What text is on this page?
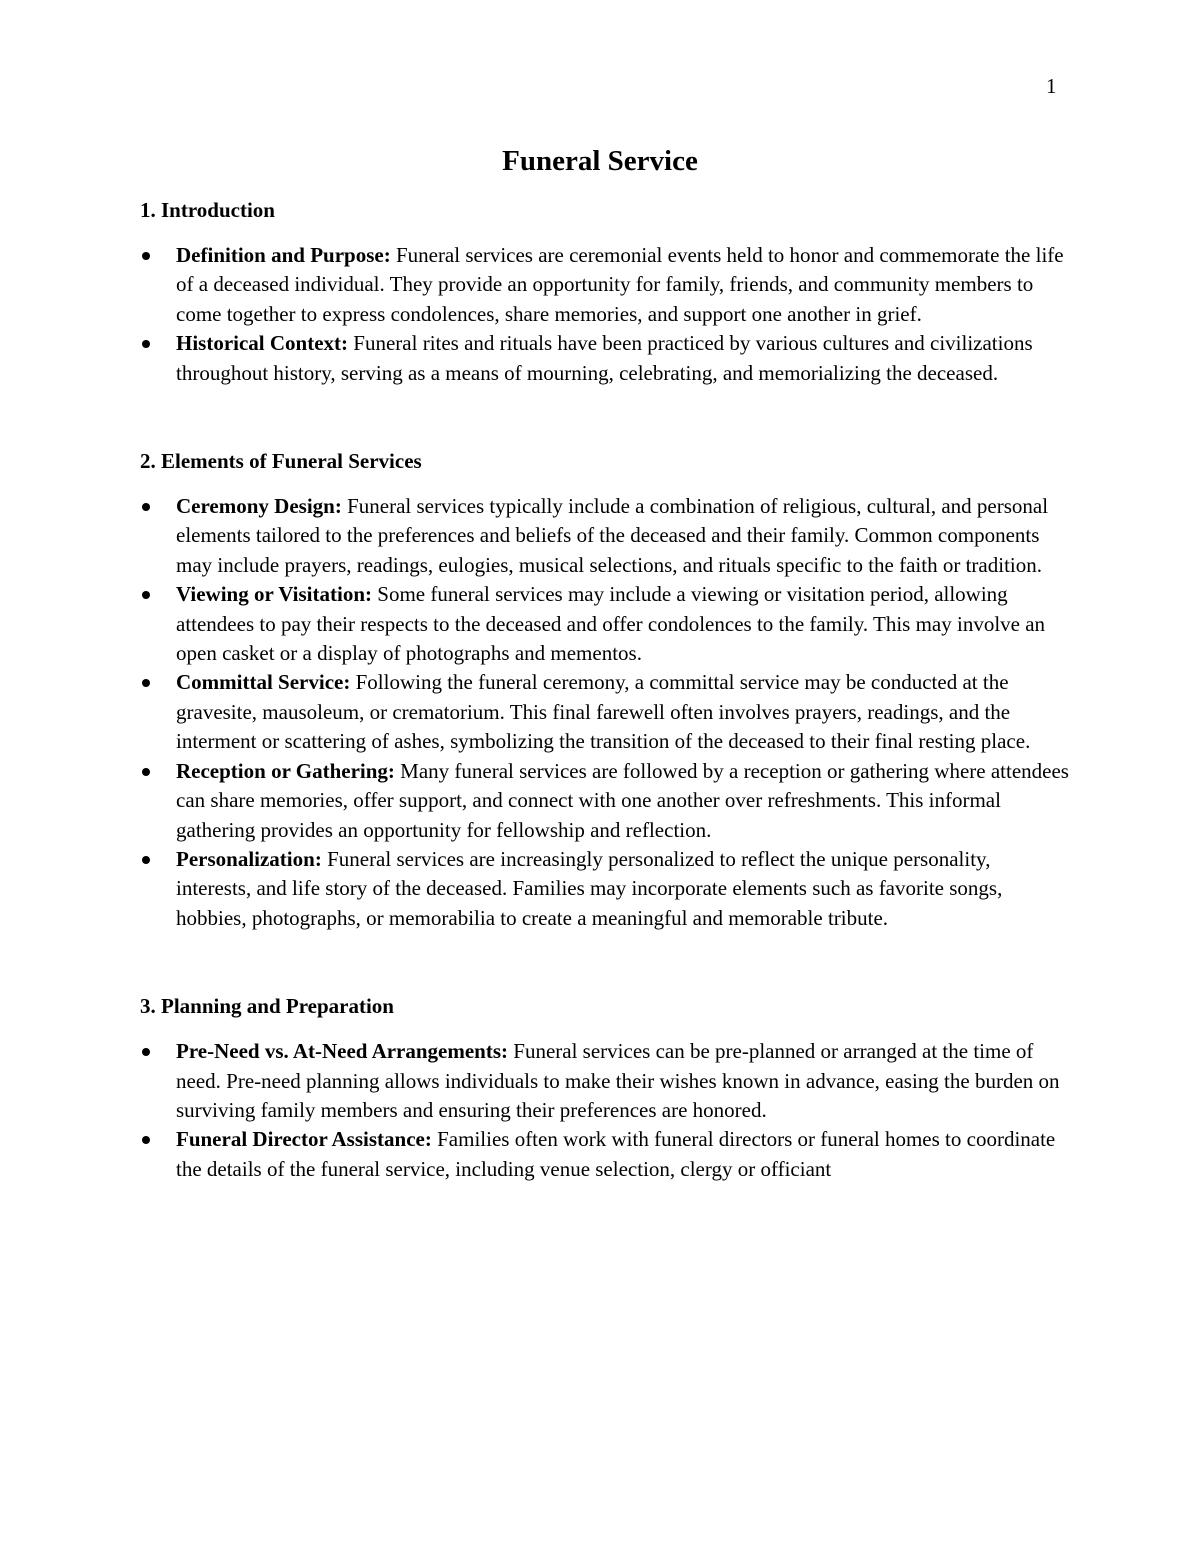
1
Funeral Service
1. Introduction
Definition and Purpose: Funeral services are ceremonial events held to honor and commemorate the life of a deceased individual. They provide an opportunity for family, friends, and community members to come together to express condolences, share memories, and support one another in grief.
Historical Context: Funeral rites and rituals have been practiced by various cultures and civilizations throughout history, serving as a means of mourning, celebrating, and memorializing the deceased.
2. Elements of Funeral Services
Ceremony Design: Funeral services typically include a combination of religious, cultural, and personal elements tailored to the preferences and beliefs of the deceased and their family. Common components may include prayers, readings, eulogies, musical selections, and rituals specific to the faith or tradition.
Viewing or Visitation: Some funeral services may include a viewing or visitation period, allowing attendees to pay their respects to the deceased and offer condolences to the family. This may involve an open casket or a display of photographs and mementos.
Committal Service: Following the funeral ceremony, a committal service may be conducted at the gravesite, mausoleum, or crematorium. This final farewell often involves prayers, readings, and the interment or scattering of ashes, symbolizing the transition of the deceased to their final resting place.
Reception or Gathering: Many funeral services are followed by a reception or gathering where attendees can share memories, offer support, and connect with one another over refreshments. This informal gathering provides an opportunity for fellowship and reflection.
Personalization: Funeral services are increasingly personalized to reflect the unique personality, interests, and life story of the deceased. Families may incorporate elements such as favorite songs, hobbies, photographs, or memorabilia to create a meaningful and memorable tribute.
3. Planning and Preparation
Pre-Need vs. At-Need Arrangements: Funeral services can be pre-planned or arranged at the time of need. Pre-need planning allows individuals to make their wishes known in advance, easing the burden on surviving family members and ensuring their preferences are honored.
Funeral Director Assistance: Families often work with funeral directors or funeral homes to coordinate the details of the funeral service, including venue selection, clergy or officiant
